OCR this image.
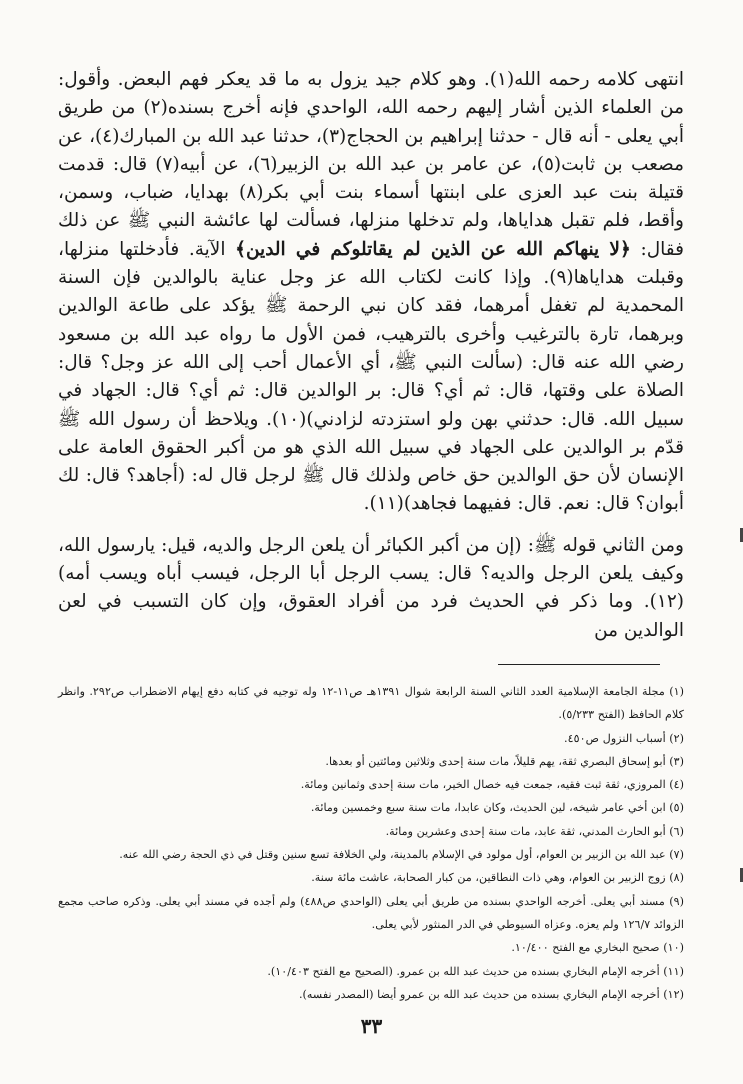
انتهى كلامه رحمه الله(١). وهو كلام جيد يزول به ما قد يعكر فهم البعض. وأقول: من العلماء الذين أشار إليهم رحمه الله، الواحدي فإنه أخرج بسنده(٢) من طريق أبي يعلى - أنه قال - حدثنا إبراهيم بن الحجاج(٣)، حدثنا عبد الله بن المبارك(٤)، عن مصعب بن ثابت(٥)، عن عامر بن عبد الله بن الزبير(٦)، عن أبيه(٧) قال: قدمت قتيلة بنت عبد العزى على ابنتها أسماء بنت أبي بكر(٨) بهدايا، ضباب، وسمن، وأقط، فلم تقبل هداياها، ولم تدخلها منزلها، فسألت لها عائشة النبي ﷺ عن ذلك فقال: ﴿لا ينهاكم الله عن الذين لم يقاتلوكم في الدين﴾ الآية. فأدخلتها منزلها، وقبلت هداياها(٩). وإذا كانت لكتاب الله عز وجل عناية بالوالدين فإن السنة المحمدية لم تغفل أمرهما، فقد كان نبي الرحمة ﷺ يؤكد على طاعة الوالدين وبرهما، تارة بالترغيب وأخرى بالترهيب، فمن الأول ما رواه عبد الله بن مسعود رضي الله عنه قال: (سألت النبي ﷺ، أي الأعمال أحب إلى الله عز وجل؟ قال: الصلاة على وقتها، قال: ثم أي؟ قال: بر الوالدين قال: ثم أي؟ قال: الجهاد في سبيل الله. قال: حدثني بهن ولو استزدته لزادني)(١٠). ويلاحظ أن رسول الله ﷺ قدّم بر الوالدين على الجهاد في سبيل الله الذي هو من أكبر الحقوق العامة على الإنسان لأن حق الوالدين حق خاص ولذلك قال ﷺ لرجل قال له: (أجاهد؟ قال: لك أبوان؟ قال: نعم. قال: ففيهما فجاهد)(١١).

ومن الثاني قوله ﷺ: (إن من أكبر الكبائر أن يلعن الرجل والديه، قيل: يارسول الله، وكيف يلعن الرجل والديه؟ قال: يسب الرجل أبا الرجل، فيسب أباه ويسب أمه)(١٢). وما ذكر في الحديث فرد من أفراد العقوق، وإن كان التسبب في لعن الوالدين من

(١) مجلة الجامعة الإسلامية العدد الثاني السنة الرابعة شوال ١٣٩١هـ ص١١-١٢ وله توجيه في كتابه دفع إيهام الاضطراب ص٢٩٢. وانظر كلام الحافظ (الفتح ٥/٢٣٣).

(٢) أسباب النزول ص٤٥٠.

(٣) أبو إسحاق البصري ثقة، يهم قليلاً، مات سنة إحدى وثلاثين ومائتين أو بعدها.

(٤) المروزي، ثقة ثبت فقيه، جمعت فيه خصال الخير، مات سنة إحدى وثمانين ومائة.

(٥) ابن أخي عامر شيخه، لين الحديث، وكان عابدا، مات سنة سبع وخمسين ومائة.

(٦) أبو الحارث المدني، ثقة عابد، مات سنة إحدى وعشرين ومائة.

(٧) عبد الله بن الزبير بن العوام، أول مولود في الإسلام بالمدينة، ولي الخلافة تسع سنين وقتل في ذي الحجة رضي الله عنه.

(٨) زوج الزبير بن العوام، وهي ذات النطاقين، من كبار الصحابة، عاشت مائة سنة.

(٩) مسند أبي يعلى. أخرجه الواحدي بسنده من طريق أبي يعلى (الواحدي ص٤٨٨) ولم أجده في مسند أبي يعلى. وذكره صاحب مجمع الزوائد ١٢٦/٧ ولم يعزه. وعزاه السيوطي في الدر المنثور لأبي يعلى.

(١٠) صحيح البخاري مع الفتح ١٠/٤٠٠.

(١١) أخرجه الإمام البخاري بسنده من حديث عبد الله بن عمرو. (الصحيح مع الفتح ١٠/٤٠٣).

(١٢) أخرجه الإمام البخاري بسنده من حديث عبد الله بن عمرو أيضا (المصدر نفسه).

٣٣
